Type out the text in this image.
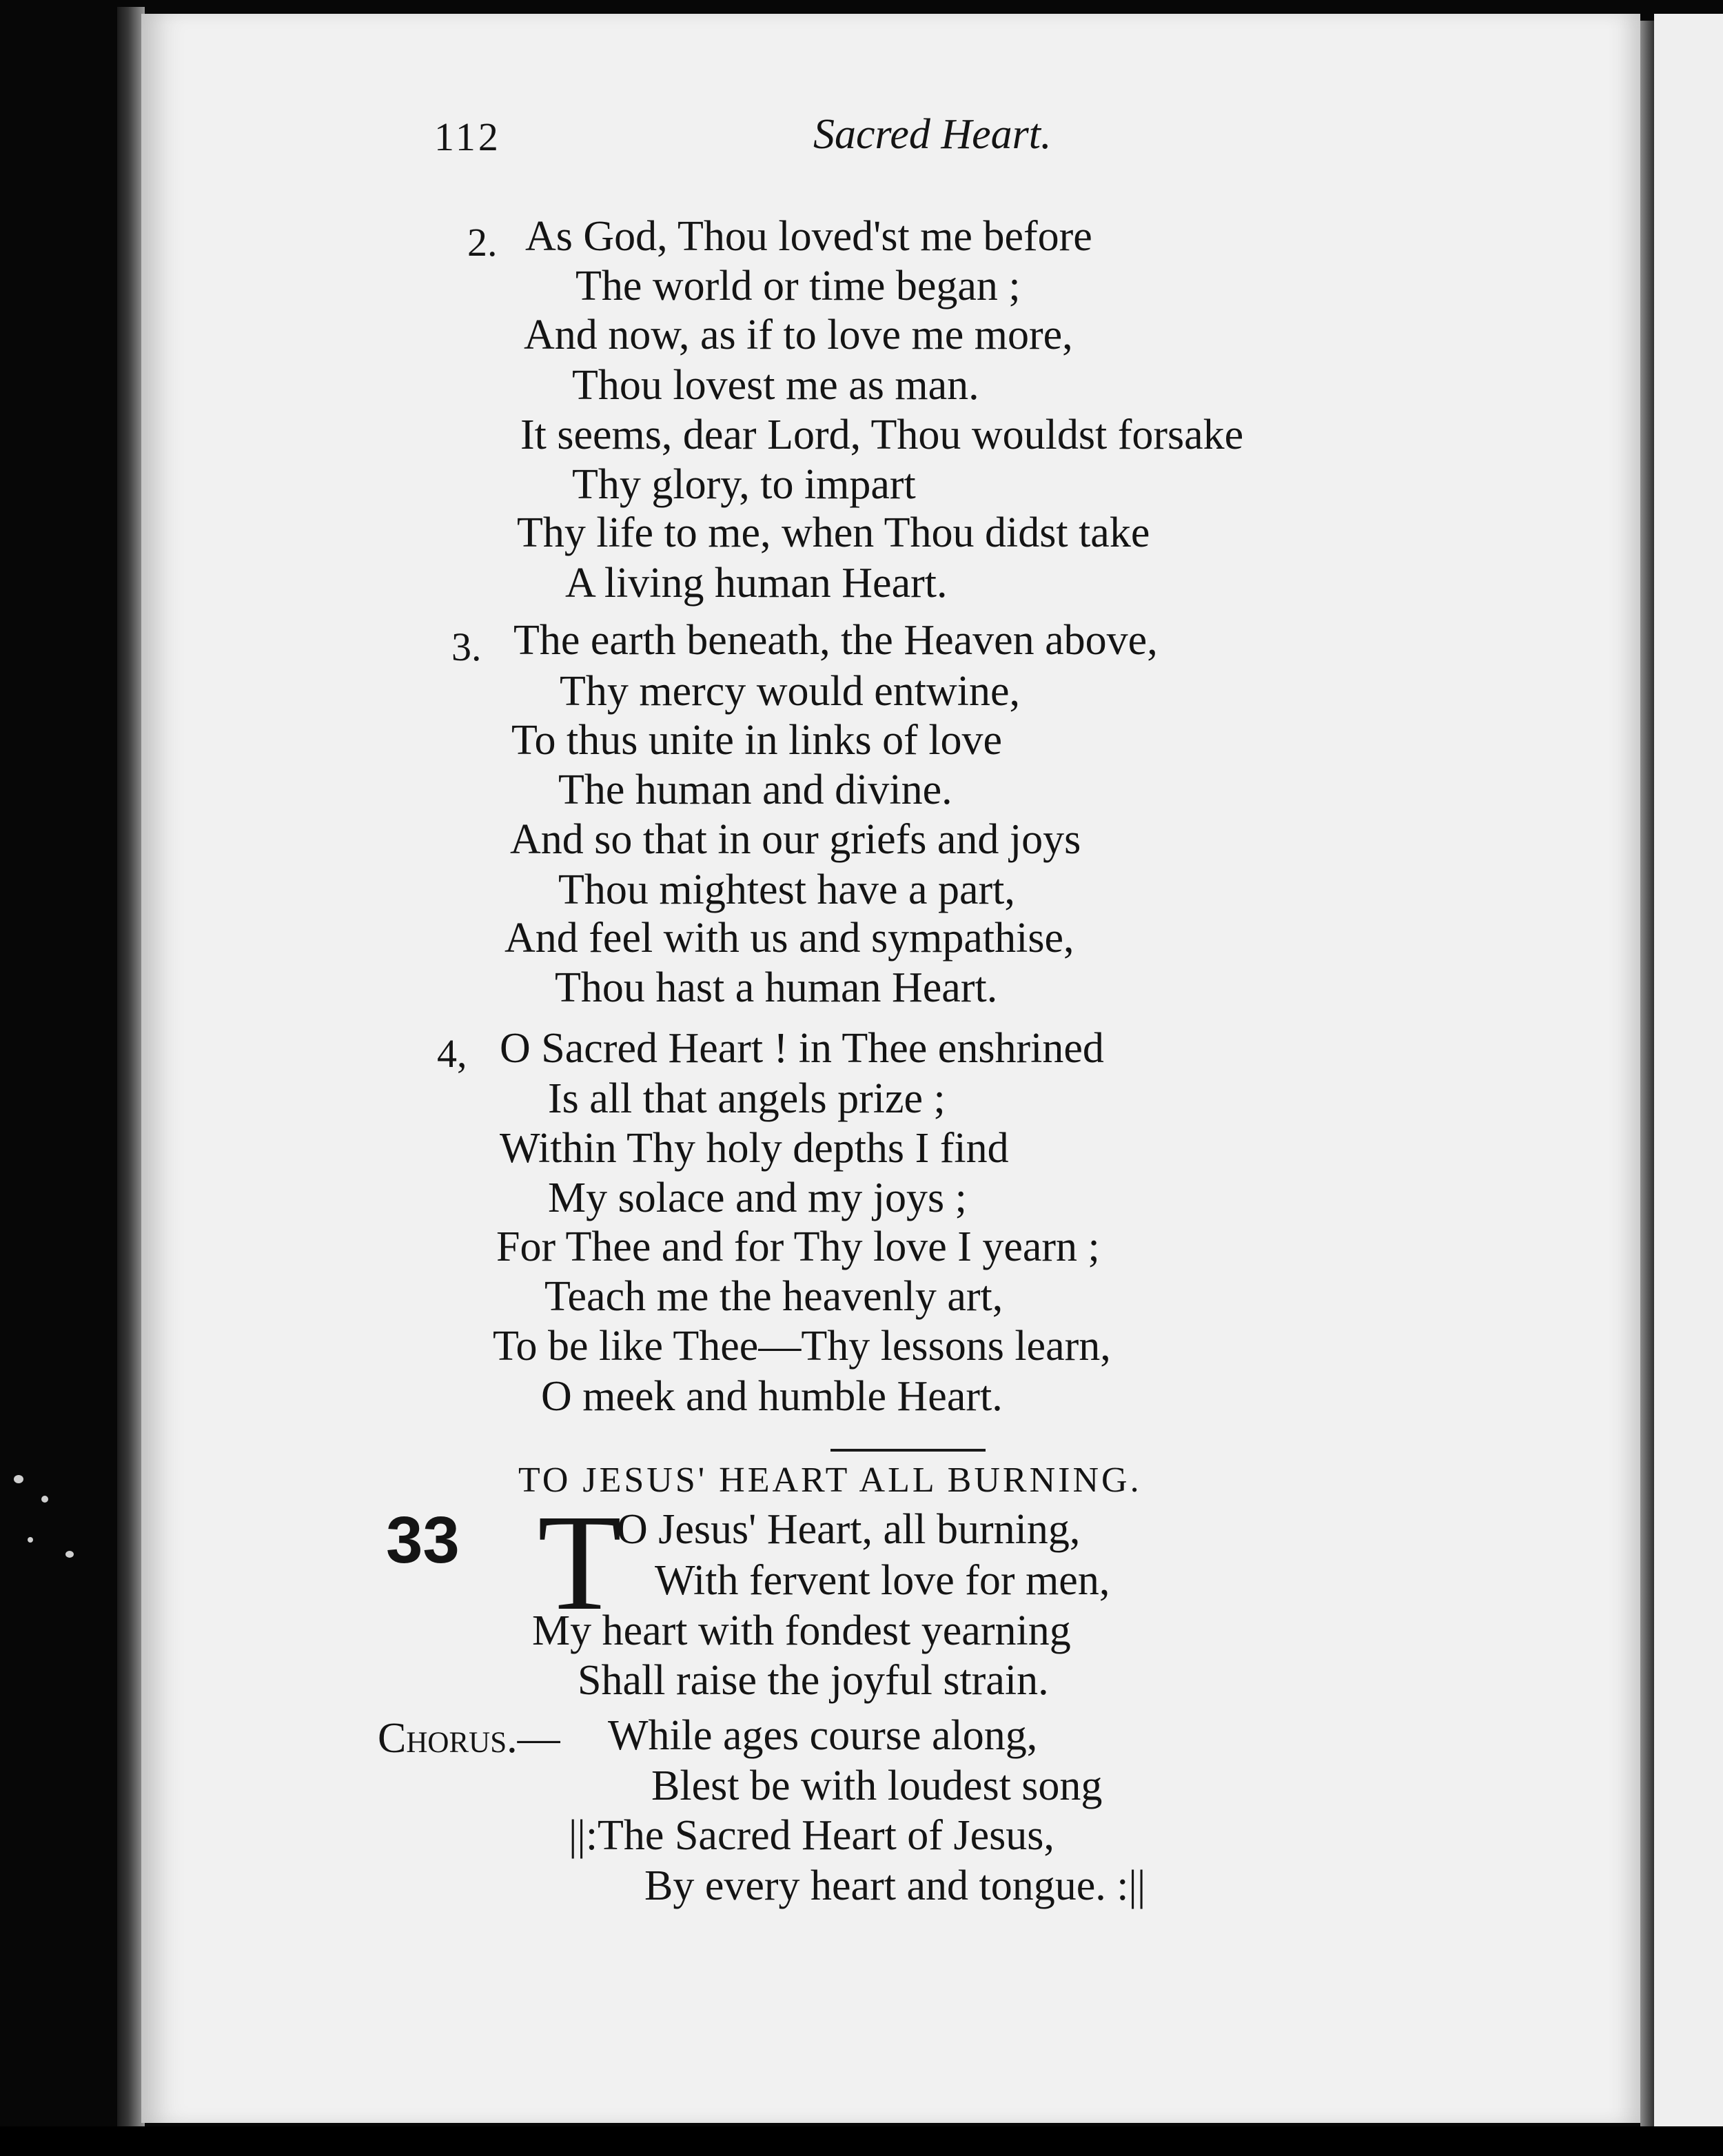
112	Sacred Heart.
2. As God, Thou loved'st me before
The world or time began ;
And now, as if to love me more,
Thou lovest me as man.
It seems, dear Lord, Thou wouldst forsake
Thy glory, to impart
Thy life to me, when Thou didst take
A living human Heart.
3. The earth beneath, the Heaven above,
Thy mercy would entwine,
To thus unite in links of love
The human and divine.
And so that in our griefs and joys
Thou mightest have a part,
And feel with us and sympathise,
Thou hast a human Heart.
4, O Sacred Heart ! in Thee enshrined
Is all that angels prize ;
Within Thy holy depths I find
My solace and my joys ;
For Thee and for Thy love I yearn ;
Teach me the heavenly art,
To be like Thee—Thy lessons learn,
O meek and humble Heart.
TO JESUS' HEART ALL BURNING.
33 T
O Jesus' Heart, all burning,
With fervent love for men,
My heart with fondest yearning
Shall raise the joyful strain.
Chorus.— While ages course along,
Blest be with loudest song
||:The Sacred Heart of Jesus,
By every heart and tongue. :||
